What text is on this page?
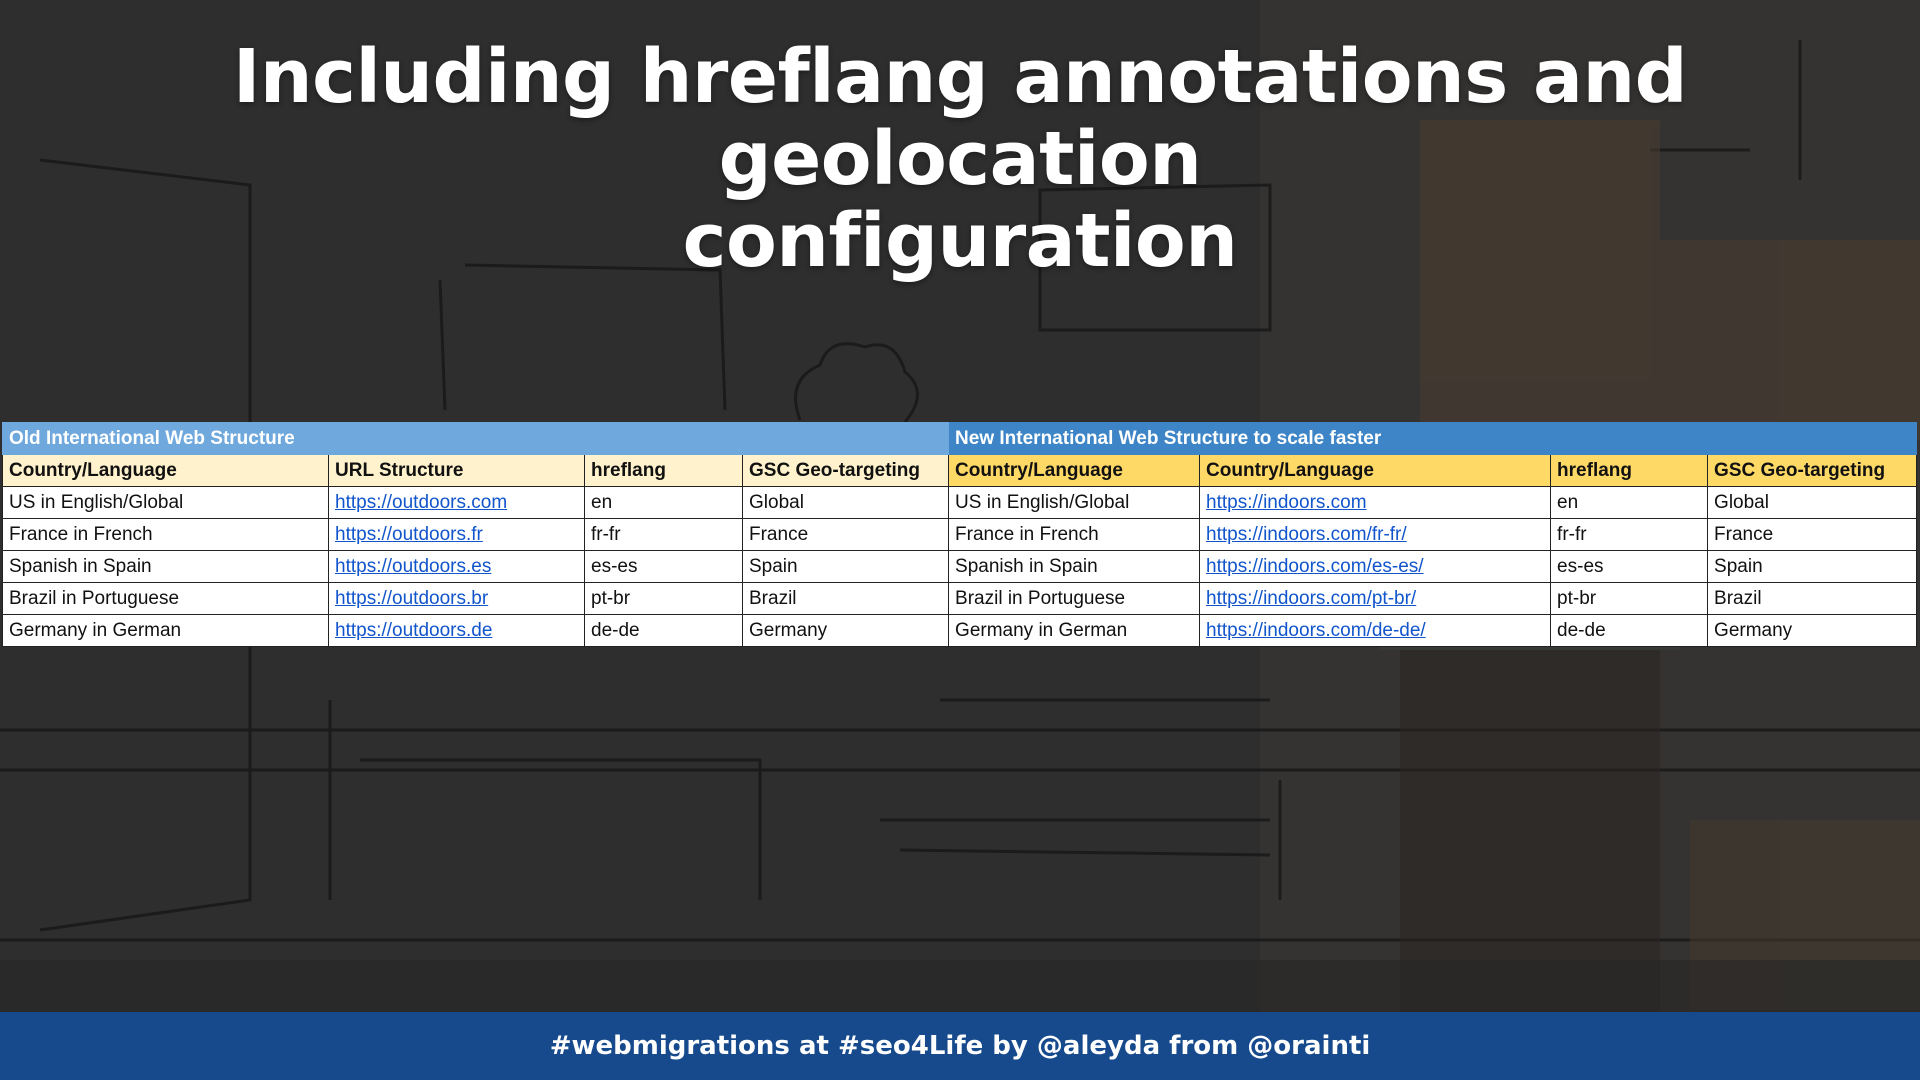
Including hreflang annotations and geolocation
configuration
Old International Web Structure				New International Web Structure to scale faster			
Country/Language	URL Structure	hreflang	GSC Geo-targeting	Country/Language	Country/Language	hreflang	GSC Geo-targeting
US in English/Global	https://outdoors.com	en	Global	US in English/Global	https://indoors.com	en	Global
France in French	https://outdoors.fr	fr-fr	France	France in French	https://indoors.com/fr-fr/	fr-fr	France
Spanish in Spain	https://outdoors.es	es-es	Spain	Spanish in Spain	https://indoors.com/es-es/	es-es	Spain
Brazil in Portuguese	https://outdoors.br	pt-br	Brazil	Brazil in Portuguese	https://indoors.com/pt-br/	pt-br	Brazil
Germany in German	https://outdoors.de	de-de	Germany	Germany in German	https://indoors.com/de-de/	de-de	Germany
#webmigrations at #seo4Life by @aleyda from @orainti
